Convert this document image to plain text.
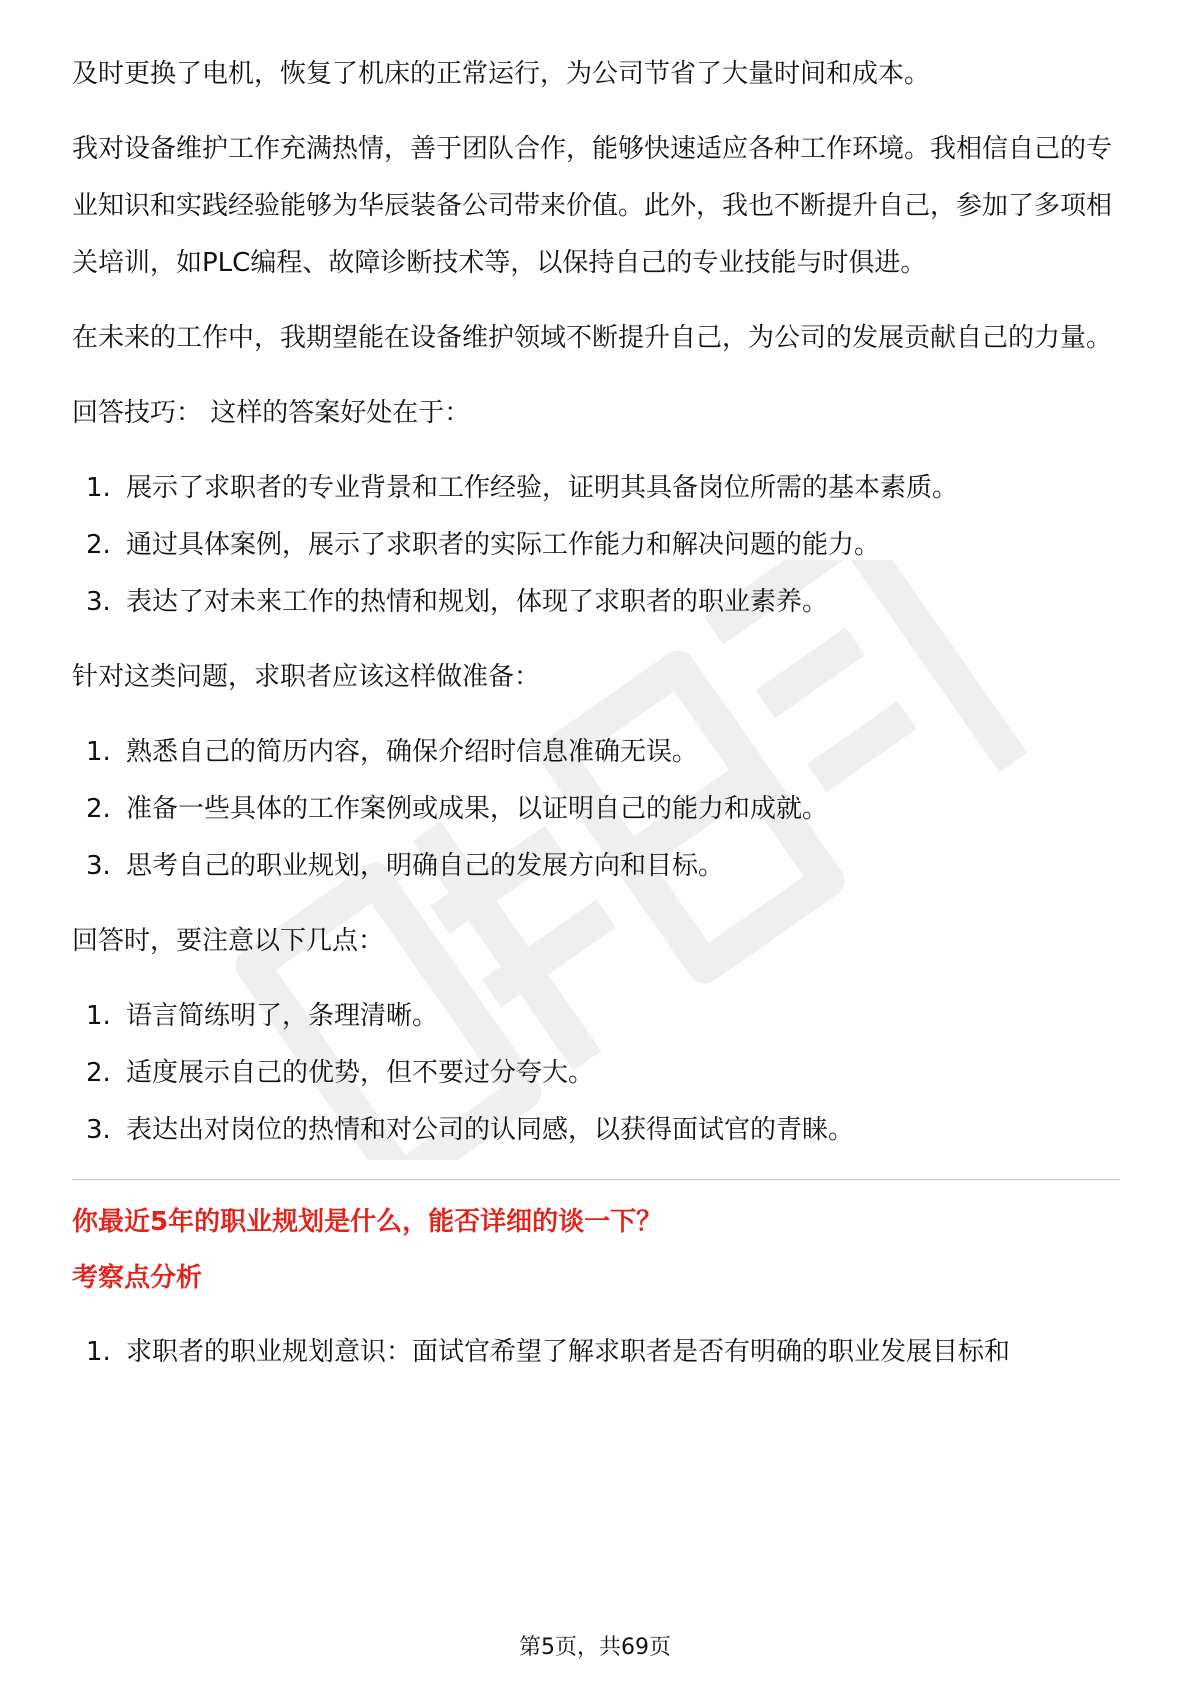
及时更换了电机，恢复了机床的正常运行，为公司节省了大量时间和成本。

我对设备维护工作充满热情，善于团队合作，能够快速适应各种工作环境。我相信自己的专业知识和实践经验能够为华辰装备公司带来价值。此外，我也不断提升自己，参加了多项相关培训，如PLC编程、故障诊断技术等，以保持自己的专业技能与时俱进。

在未来的工作中，我期望能在设备维护领域不断提升自己，为公司的发展贡献自己的力量。

回答技巧： 这样的答案好处在于：

1. 展示了求职者的专业背景和工作经验，证明其具备岗位所需的基本素质。
2. 通过具体案例，展示了求职者的实际工作能力和解决问题的能力。
3. 表达了对未来工作的热情和规划，体现了求职者的职业素养。

针对这类问题，求职者应该这样做准备：

1. 熟悉自己的简历内容，确保介绍时信息准确无误。
2. 准备一些具体的工作案例或成果，以证明自己的能力和成就。
3. 思考自己的职业规划，明确自己的发展方向和目标。

回答时，要注意以下几点：

1. 语言简练明了，条理清晰。
2. 适度展示自己的优势，但不要过分夸大。
3. 表达出对岗位的热情和对公司的认同感，以获得面试官的青睐。

你最近5年的职业规划是什么，能否详细的谈一下？

考察点分析

1. 求职者的职业规划意识：面试官希望了解求职者是否有明确的职业发展目标和
第5页，共69页
